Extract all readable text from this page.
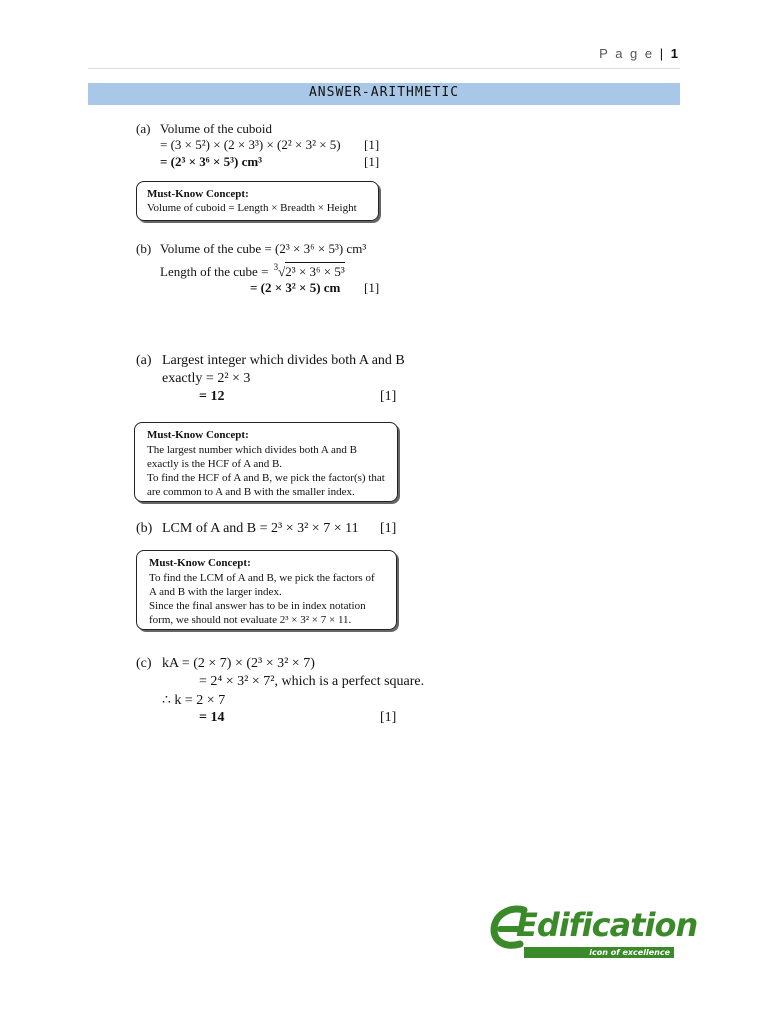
P a g e | 1
ANSWER-ARITHMETIC
(a) Volume of the cuboid
= (3 × 5²) × (2 × 3³) × (2² × 3² × 5) [1]
= (2³ × 3⁶ × 5³) cm³	[1]
Must-Know Concept:
Volume of cuboid = Length × Breadth × Height
(b) Volume of the cube = (2³ × 3⁶ × 5³) cm³
Length of the cube = $^3$√2³ × 3⁶ × 5³
= (2 × 3² × 5) cm [1]
(a) Largest integer which divides both A and B
exactly = 2² × 3
= 12	[1]
Must-Know Concept:
The largest number which divides both A and B
exactly is the HCF of A and B.
To find the HCF of A and B, we pick the factor(s) that
are common to A and B with the smaller index.
(b) LCM of A and B = 2³ × 3² × 7 × 11 [1]
Must-Know Concept:
To find the LCM of A and B, we pick the factors of
A and B with the larger index.
Since the final answer has to be in index notation
form, we should not evaluate 2³ × 3² × 7 × 11.
(c) kA = (2 × 7) × (2³ × 3² × 7)
= 2⁴ × 3² × 7², which is a perfect square.
∴ k = 2 × 7
= 14	[1]
Edification
icon of excellence
